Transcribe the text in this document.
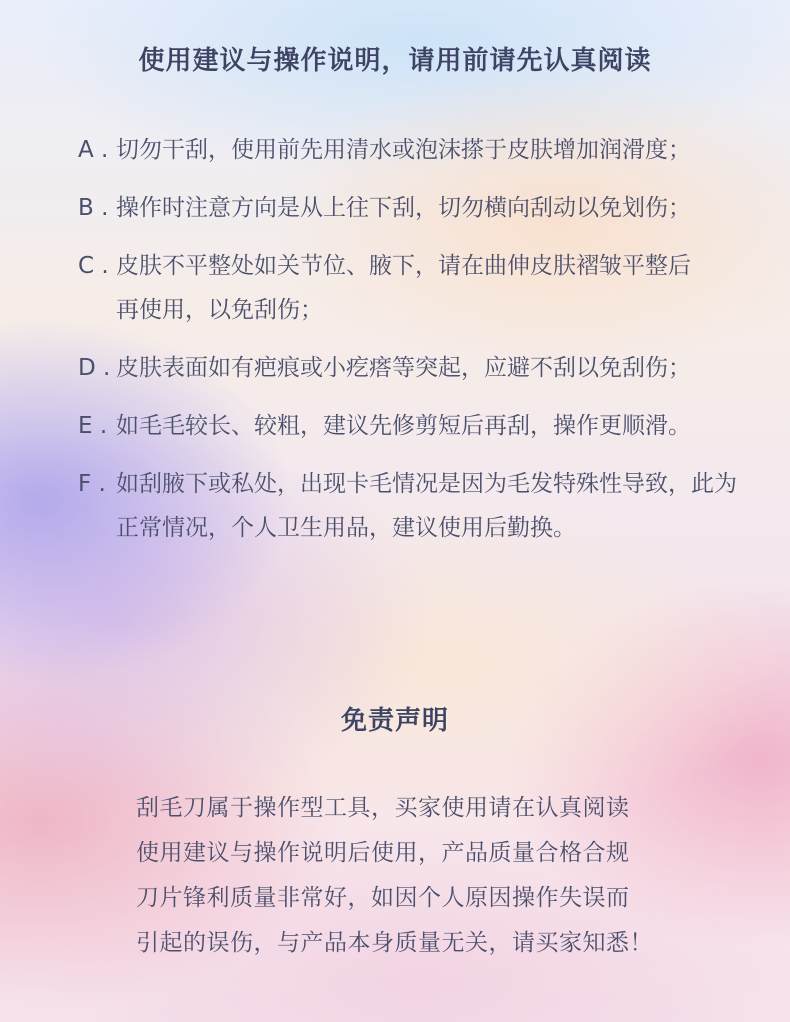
使用建议与操作说明，请用前请先认真阅读
A . 切勿干刮，使用前先用清水或泡沫搽于皮肤增加润滑度；
B . 操作时注意方向是从上往下刮，切勿横向刮动以免划伤；
C . 皮肤不平整处如关节位、腋下，请在曲伸皮肤褶皱平整后再使用，以免刮伤；
D . 皮肤表面如有疤痕或小疙瘩等突起，应避不刮以免刮伤；
E . 如毛毛较长、较粗，建议先修剪短后再刮，操作更顺滑。
F . 如刮腋下或私处，出现卡毛情况是因为毛发特殊性导致，此为正常情况，个人卫生用品，建议使用后勤换。
免责声明
刮毛刀属于操作型工具，买家使用请在认真阅读
使用建议与操作说明后使用，产品质量合格合规
刀片锋利质量非常好，如因个人原因操作失误而
引起的误伤，与产品本身质量无关，请买家知悉！
